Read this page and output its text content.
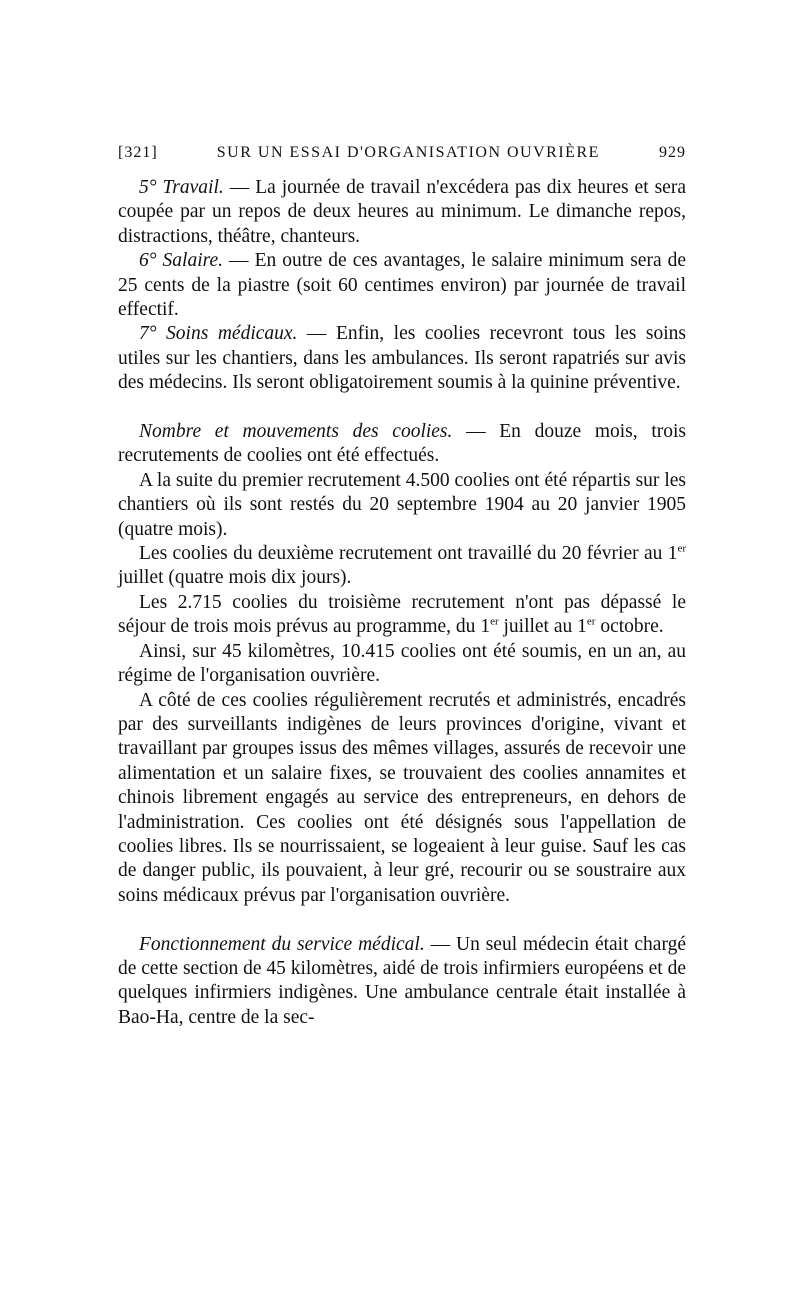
[321]	SUR UN ESSAI D'ORGANISATION OUVRIÈRE	929

5° Travail. — La journée de travail n'excédera pas dix heures et sera coupée par un repos de deux heures au minimum. Le dimanche repos, distractions, théâtre, chanteurs.

6° Salaire. — En outre de ces avantages, le salaire minimum sera de 25 cents de la piastre (soit 60 centimes environ) par journée de travail effectif.

7° Soins médicaux. — Enfin, les coolies recevront tous les soins utiles sur les chantiers, dans les ambulances. Ils seront rapatriés sur avis des médecins. Ils seront obligatoirement soumis à la quinine préventive.

Nombre et mouvements des coolies. — En douze mois, trois recrutements de coolies ont été effectués.

A la suite du premier recrutement 4.500 coolies ont été répartis sur les chantiers où ils sont restés du 20 septembre 1904 au 20 janvier 1905 (quatre mois).

Les coolies du deuxième recrutement ont travaillé du 20 février au 1er juillet (quatre mois dix jours).

Les 2.715 coolies du troisième recrutement n'ont pas dépassé le séjour de trois mois prévus au programme, du 1er juillet au 1er octobre.

Ainsi, sur 45 kilomètres, 10.415 coolies ont été soumis, en un an, au régime de l'organisation ouvrière.

A côté de ces coolies régulièrement recrutés et administrés, encadrés par des surveillants indigènes de leurs provinces d'origine, vivant et travaillant par groupes issus des mêmes villages, assurés de recevoir une alimentation et un salaire fixes, se trouvaient des coolies annamites et chinois librement engagés au service des entrepreneurs, en dehors de l'administration. Ces coolies ont été désignés sous l'appellation de coolies libres. Ils se nourrissaient, se logeaient à leur guise. Sauf les cas de danger public, ils pouvaient, à leur gré, recourir ou se soustraire aux soins médicaux prévus par l'organisation ouvrière.

Fonctionnement du service médical. — Un seul médecin était chargé de cette section de 45 kilomètres, aidé de trois infirmiers européens et de quelques infirmiers indigènes. Une ambulance centrale était installée à Bao-Ha, centre de la sec-
